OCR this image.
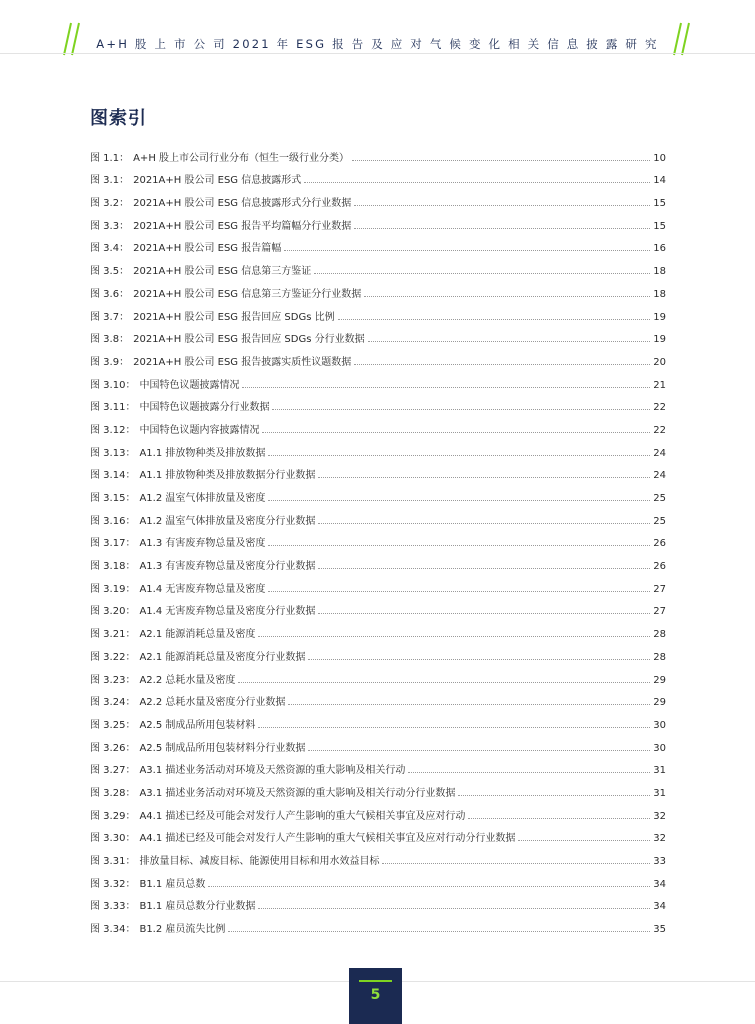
A+H 股 上 市 公 司 2021 年 ESG 报 告 及 应 对 气 候 变 化 相 关 信 息 披 露 研 究
图索引
图 1.1： A+H 股上市公司行业分布（恒生一级行业分类）	10
图 3.1： 2021A+H 股公司 ESG 信息披露形式	14
图 3.2： 2021A+H 股公司 ESG 信息披露形式分行业数据	15
图 3.3： 2021A+H 股公司 ESG 报告平均篇幅分行业数据	15
图 3.4： 2021A+H 股公司 ESG 报告篇幅	16
图 3.5： 2021A+H 股公司 ESG 信息第三方鉴证	18
图 3.6： 2021A+H 股公司 ESG 信息第三方鉴证分行业数据	18
图 3.7： 2021A+H 股公司 ESG 报告回应 SDGs 比例	19
图 3.8： 2021A+H 股公司 ESG 报告回应 SDGs 分行业数据	19
图 3.9： 2021A+H 股公司 ESG 报告披露实质性议题数据	20
图 3.10： 中国特色议题披露情况	21
图 3.11： 中国特色议题披露分行业数据	22
图 3.12： 中国特色议题内容披露情况	22
图 3.13： A1.1 排放物种类及排放数据	24
图 3.14： A1.1 排放物种类及排放数据分行业数据	24
图 3.15： A1.2 温室气体排放量及密度	25
图 3.16： A1.2 温室气体排放量及密度分行业数据	25
图 3.17： A1.3 有害废弃物总量及密度	26
图 3.18： A1.3 有害废弃物总量及密度分行业数据	26
图 3.19： A1.4 无害废弃物总量及密度	27
图 3.20： A1.4 无害废弃物总量及密度分行业数据	27
图 3.21： A2.1 能源消耗总量及密度	28
图 3.22： A2.1 能源消耗总量及密度分行业数据	28
图 3.23： A2.2 总耗水量及密度	29
图 3.24： A2.2 总耗水量及密度分行业数据	29
图 3.25： A2.5 制成品所用包装材料	30
图 3.26： A2.5 制成品所用包装材料分行业数据	30
图 3.27： A3.1 描述业务活动对环境及天然资源的重大影响及相关行动	31
图 3.28： A3.1 描述业务活动对环境及天然资源的重大影响及相关行动分行业数据	31
图 3.29： A4.1 描述已经及可能会对发行人产生影响的重大气候相关事宜及应对行动	32
图 3.30： A4.1 描述已经及可能会对发行人产生影响的重大气候相关事宜及应对行动分行业数据	32
图 3.31： 排放量目标、减废目标、能源使用目标和用水效益目标	33
图 3.32： B1.1 雇员总数	34
图 3.33： B1.1 雇员总数分行业数据	34
图 3.34： B1.2 雇员流失比例	35
5
